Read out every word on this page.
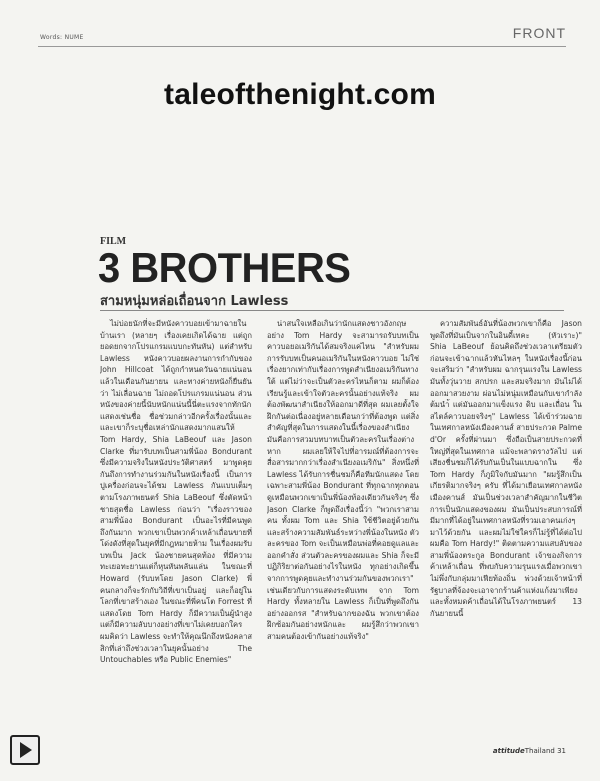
Words: NUME	FRONT
taleofthenight.com
FILM
3 BROTHERS
สามหนุ่มหล่อเถื่อนจาก Lawless

ไม่บ่อยนักที่จะมีหนังคาวบอยเข้ามาฉายในบ้านเรา (หลายๆ เรื่องเคยเกิดได้ฉาย แต่ถูกยอดยกจากโปรแกรมแบบกะทันหัน) แต่สำหรับ Lawless หนังคาวบอยผลงานการกำกับของ John Hillcoat ได้ถูกกำหนดวันฉายแน่นอนแล้วในเดือนกันยายน และทางค่ายหนังก็ยืนยันว่า ไม่เลื่อนฉาย ไม่ถอดโปรแกรมแน่นอน ส่วนหนังของค่ายนี้นับหนักแน่นนี้นี่ตะแรงจากทักนักแสดงเช่นชื่อ ชื่อช่วมกล่าวอีกครั้งเรื่องนั้นและ และเขาก็ระบุชื่อเหล่านักแสดงมากแสนให้ Tom Hardy, Shia LaBeouf และ Jason Clarke ที่มารับบทเป็นสามพี่น้อง Bondurant ซึ่งมีความจริงในหนังประวัติศาสตร์ มาพูดคุยกันถึงการทำงานร่วมกันในหนังเรื่องนี้ เป็นการปูเครื่องก่อนจะได้ชม Lawless กันแบบเต็มๆ ตามโรงภาพยนตร์ Shia LaBeouf ซึ่งตัดหน้าชายสุดชื่อ Lawless ก่อนว่า "เรื่องราวของสามพี่น้อง Bondurant เป็นอะไรที่มีคนพูดถึงกันมาก พวกเขาเป็นพวกค้าเหล้าเถื่อนขายที่โด่งดังที่สุดในยุคที่มีกฎหมายห้าม ในเรื่องผมรับบทเป็น Jack น้องชายคนสุดท้อง ที่มีความทะเยอทะยานแต่ก็หุนหันพลันแล่น ในขณะที่ Howard (รับบทโดย Jason Clarke) พี่คนกลางก็จะรักกับวิถีที่เขาเป็นอยู่ และก็อยู่ในโลกที่เขาสร้างเอง ในขณะที่พี่คนโต Forrest ที่แสดงโดย Tom Hardy ก็มีความเป็นผู้นำสูง แต่ก็มีความลับบางอย่างที่เขาไม่เคยบอกใคร ผมคิดว่า Lawless จะทำให้คุณนึกถึงหนังคลาสสิกที่เล่าถึงช่วงเวลาในยุคนั้นอย่าง The Untouchables หรือ Public Enemies"

น่าสนใจเหลือเกินว่านักแสดงชาวอังกฤษอย่าง Tom Hardy จะสามารถรับบทเป็นคาวบอยอเมริกันได้สมจริงแค่ไหน "สำหรับผมการรับบทเป็นคนอเมริกันในหนังคาวบอย ไม่ใช่เรื่องยากเท่ากับเรื่องการพูดสำเนียงอเมริกันทางใต้ แต่ไม่ว่าจะเป็นตัวละครไหนก็ตาม ผมก็ต้องเรียนรู้และเข้าใจตัวละครนั้นอย่างแท้จริง ผมต้องพัฒนาสำเนียงให้ออกมาดีที่สุด ผมเลยตั้งใจฝึกกันต่อเนื่องอยู่หลายเดือนกว่าที่ต้องพูด แต่สิ่งสำคัญที่สุดในการแสดงในนี้เรื่องของสำเนียง มันคือการสวมบทบาทเป็นตัวละครในเรื่องต่างหาก ผมเลยให้ใจไปที่อารมณ์ที่ต้องการจะสื่อสารมากกว่าเรื่องสำเนียงอเมริกัน" สิ่งหนึ่งที่ Lawless ได้รับการชื่นชมก็คือทีมนักแสดง โดยเฉพาะสามพี่น้อง Bondurant ที่ทุกฉากทุกตอนดูเหมือนพวกเขาเป็นพี่น้องท้องเดียวกันจริงๆ ซึ่ง Jason Clarke ก็พูดถึงเรื่องนี้ว่า "พวกเราสามคน ทั้งผม Tom และ Shia ใช้ชีวิตอยู่ด้วยกันและสร้างความสัมพันธ์ระหว่างพี่น้องในหนัง ตัวละครของ Tom จะเป็นเหมือนพ่อที่คอยดูแลและออกคำสั่ง ส่วนตัวละครของผมและ Shia ก็จะมีปฏิกิริยาต่อกันอย่างไรในหนัง ทุกอย่างเกิดขึ้นจากการพูดคุยและทำงานร่วมกันของพวกเรา" เช่นเดียวกับการแสดงระดับเทพ จาก Tom Hardy ทั้งหลายใน Lawless ก็เป็นที่พูดถึงกันอย่างออกรส "สำหรับฉากของฉัน พวกเขาต้องฝึกซ้อมกันอย่างหนักและ ผมรู้สึกว่าพวกเขาสามคนต้องเข้ากันอย่างแท้จริง"

ความสัมพันธ์อันที่น้องพวกเขาก็คือ Jason พูดถึงที่มันเป็นจากในอินดี้เทคะ (หัวเราะ)" Shia LaBeouf ย้อนคิดถึงช่วงเวลาเตรียมตัวก่อนจะเข้าฉากแล้วหันไหลๆ ในหนังเรื่องนี้ก่อนจะเสริมว่า "สำหรับผม ฉากรุนแรงใน Lawless มันทั้งวุ่นวาย สกปรก และสมจริงมาก มันไม่ได้ออกมาสวยงาม ผ่อนไม่หนุ่มเหมือนกับเขากำลังต้มนำ้ แต่มันออกมาแข็งแรง ดิบ และเถื่อน ในสไตล์คาวบอยจริงๆ" Lawless ได้เข้าร่วมฉายในเทศกาลหนังเมืองคานส์ สายประกวด Palme d'Or ครั้งที่ผ่านมา ซึ่งถือเป็นสายประกวดที่ใหญ่ที่สุดในเทศกาล แม้จะพลาดรางวัลไป แต่เสียงชื่นชมก็ได้รับกันเป็นในแบบฉากใน ซึ่ง Tom Hardy ก็ภูมิใจกับมันมาก "ผมรู้สึกเป็นเกียรติมากจริงๆ ครับ ที่ได้มาเยือนเทศกาลหนังเมืองคานส์ มันเป็นช่วงเวลาสำคัญมากในชีวิตการเป็นนักแสดงของผม มันเป็นประสบการณ์ที่มีมากที่ได้อยู่ในเทศกาลหนังที่รวมเอาคนเก่งๆ มาไว้ด้วยกัน และผมไม่ใช่ใครก็ไม่รู้ที่ได้ต่อไปผมคือ Tom Hardy!" ติดตามความแสบลับของสามพี่น้องตระกูล Bondurant เจ้าของกิจการค้าเหล้าเถื่อน ที่พบกับความรุนแรงเมื่อพวกเขาไม่พึ่งกับกลุ่มมาเฟียท้องถิ่น พ่วงด้วยเจ้าหน้าที่รัฐบาลที่จ้องจะเอาจากร้านค้าแห่งแก้งมาเพียงและทั้งหมดค้าเถื่อนได้ในโรงภาพยนตร์ 13 กันยายนนี้

attitudeThailand 31
